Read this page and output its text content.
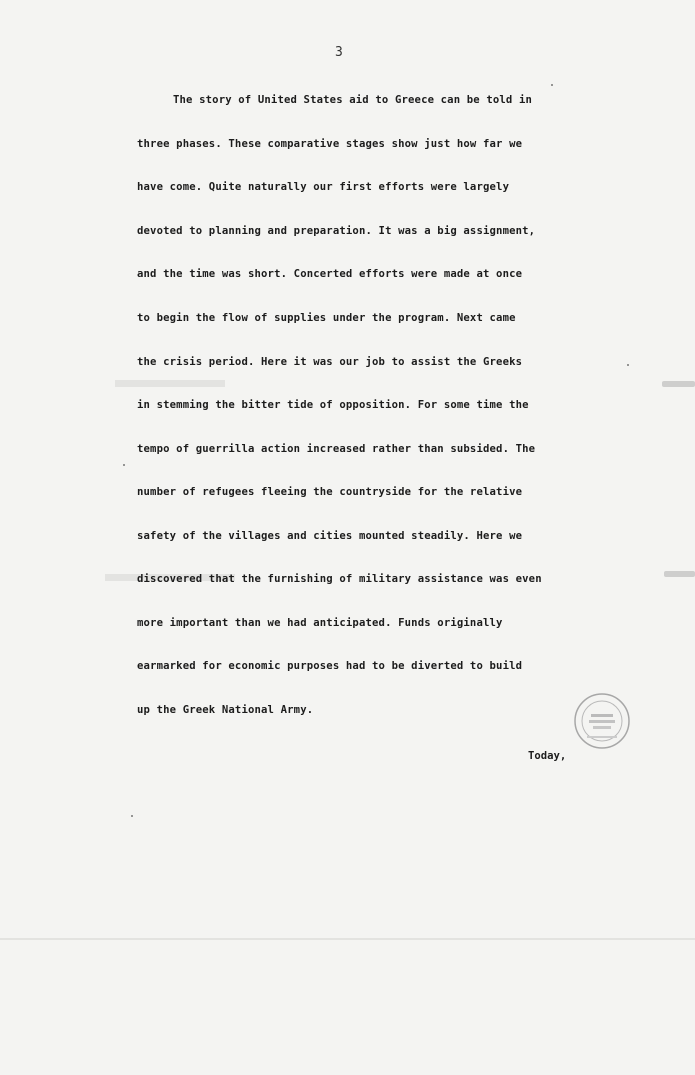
3
The story of United States aid to Greece can be told in
three phases. These comparative stages show just how far we
have come. Quite naturally our first efforts were largely
devoted to planning and preparation. It was a big assignment,
and the time was short. Concerted efforts were made at once
to begin the flow of supplies under the program. Next came
the crisis period. Here it was our job to assist the Greeks
in stemming the bitter tide of opposition. For some time the
tempo of guerrilla action increased rather than subsided. The
number of refugees fleeing the countryside for the relative
safety of the villages and cities mounted steadily. Here we
discovered that the furnishing of military assistance was even
more important than we had anticipated. Funds originally
earmarked for economic purposes had to be diverted to build
up the Greek National Army.
Today,
